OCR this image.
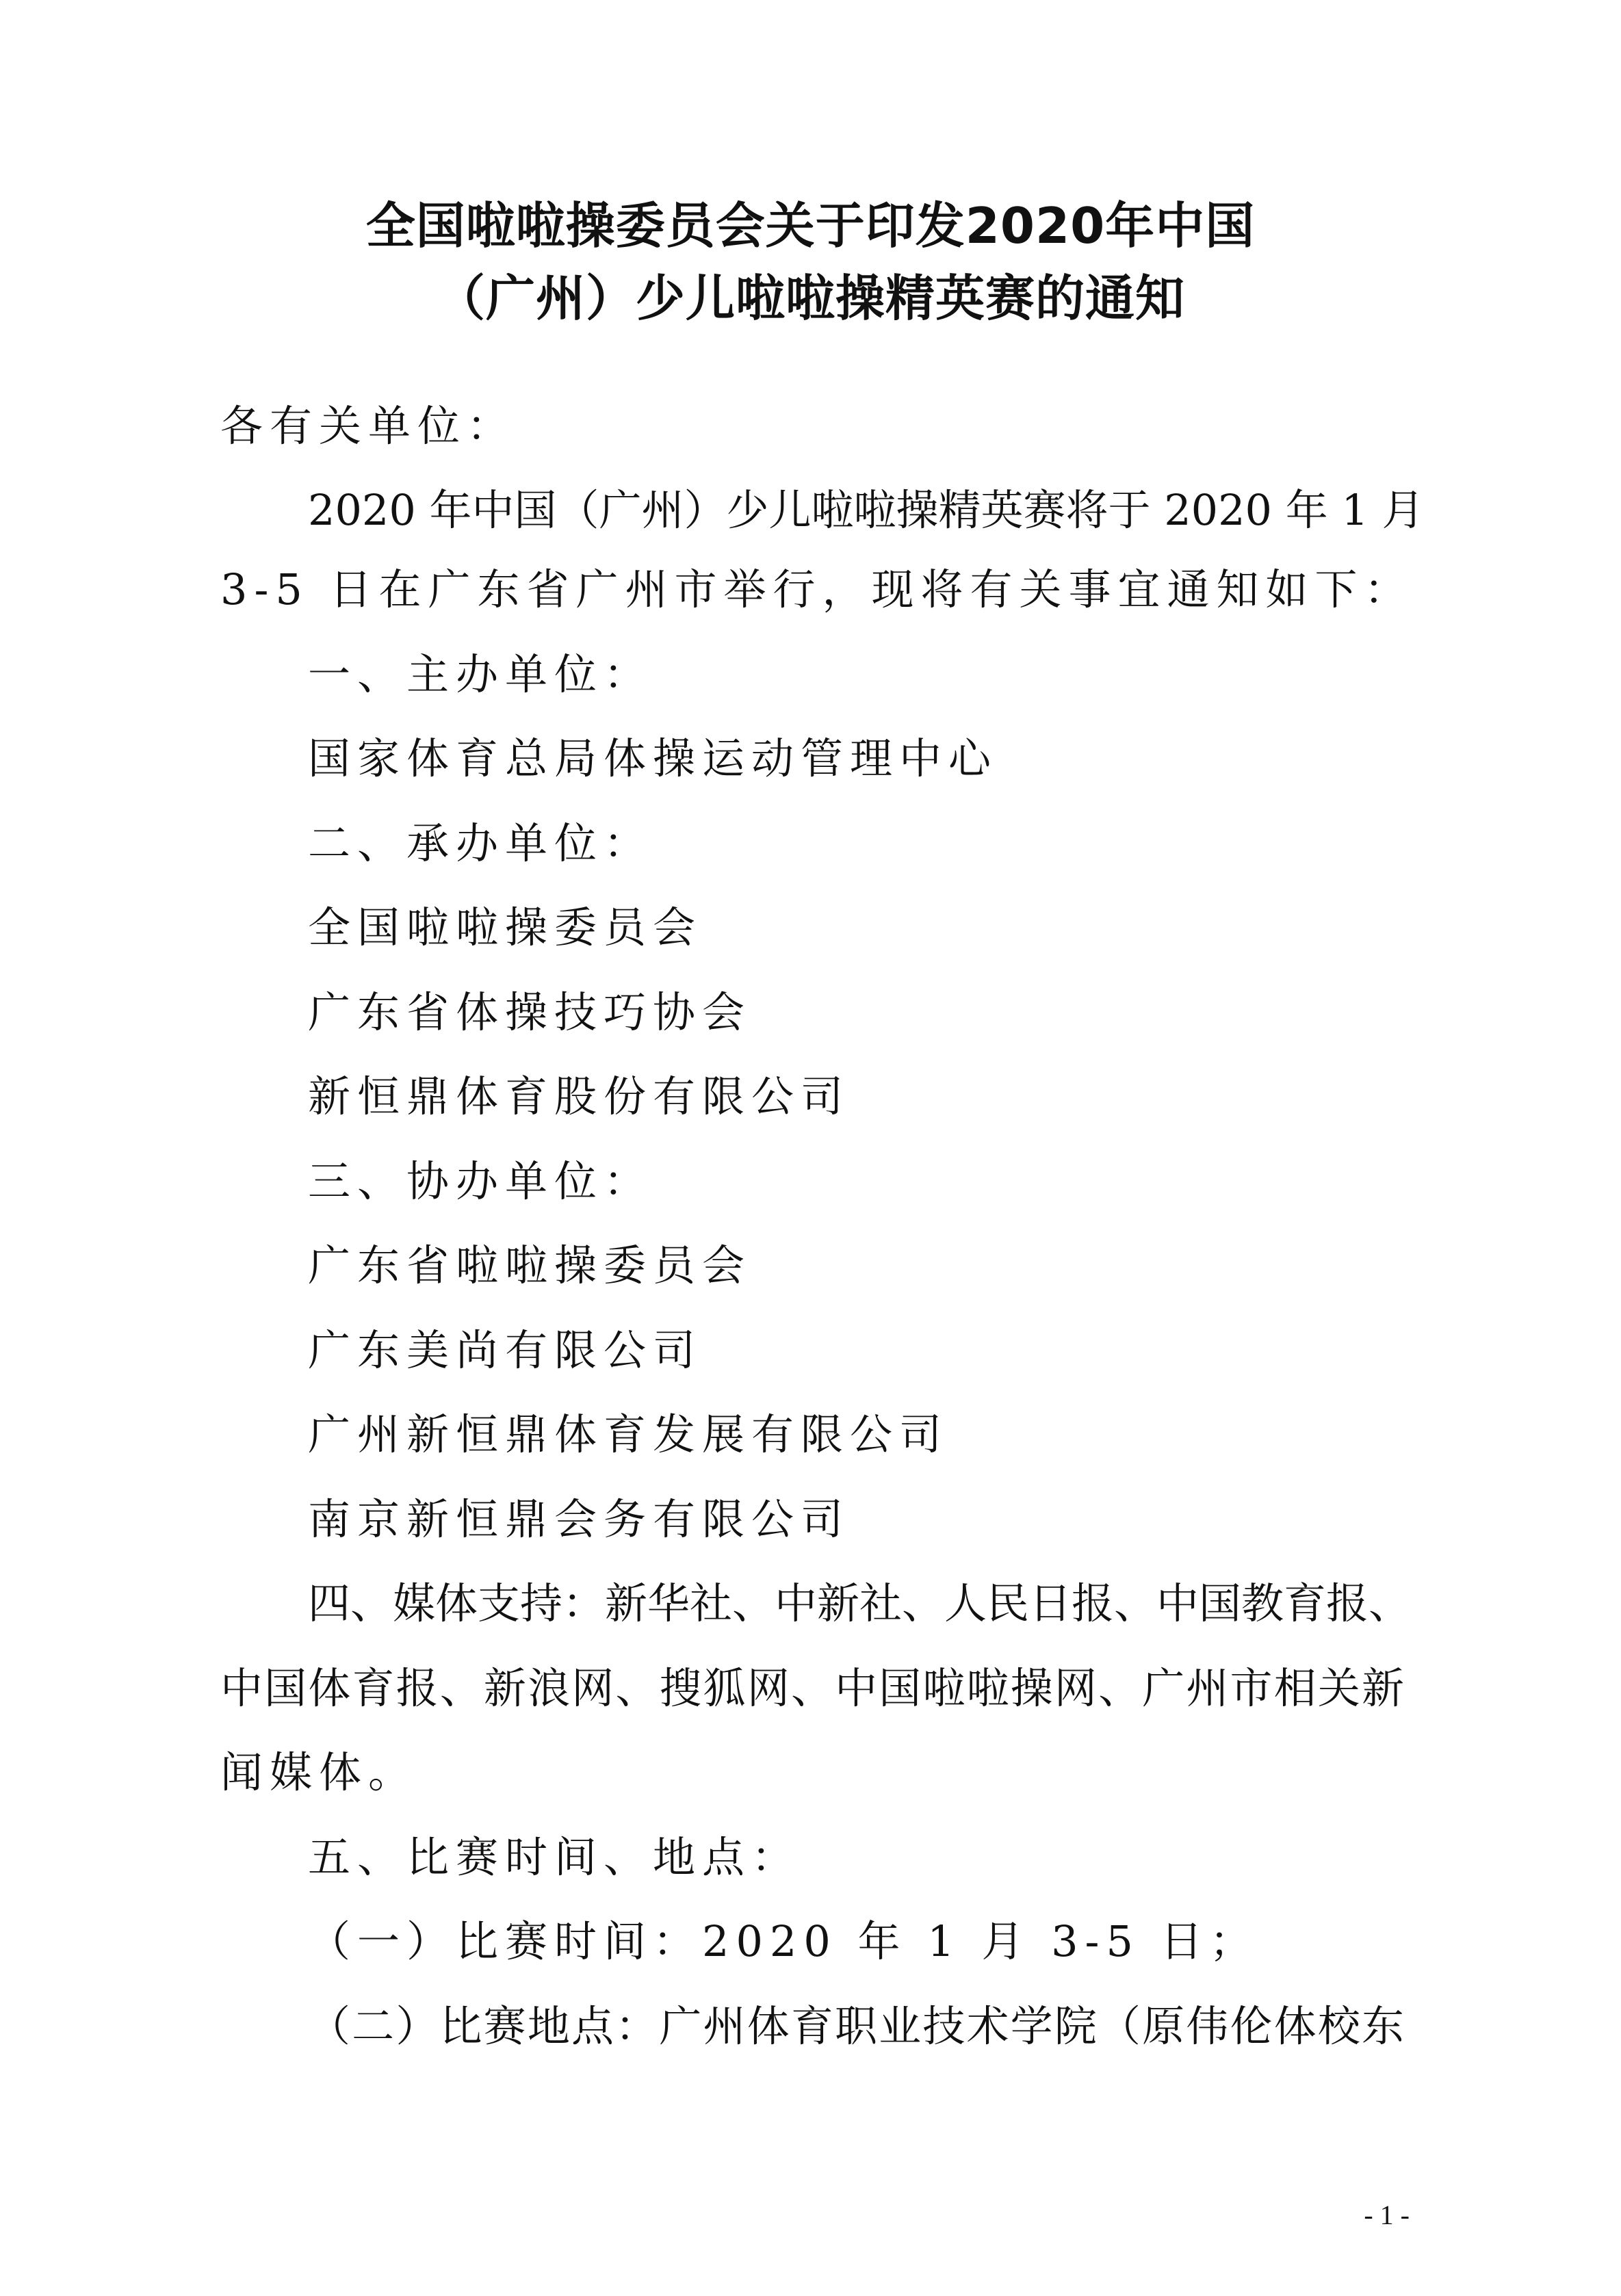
全国啦啦操委员会关于印发2020年中国
（广州）少儿啦啦操精英赛的通知
各有关单位：
2020 年中国（广州）少儿啦啦操精英赛将于 2020 年 1 月
3-5 日在广东省广州市举行，现将有关事宜通知如下：
一、主办单位：
国家体育总局体操运动管理中心
二、承办单位：
全国啦啦操委员会
广东省体操技巧协会
新恒鼎体育股份有限公司
三、协办单位：
广东省啦啦操委员会
广东美尚有限公司
广州新恒鼎体育发展有限公司
南京新恒鼎会务有限公司
四、媒体支持：新华社、中新社、人民日报、中国教育报、
中国体育报、新浪网、搜狐网、中国啦啦操网、广州市相关新
闻媒体。
五、比赛时间、地点：
（一）比赛时间：2020 年 1 月 3-5 日；
（二）比赛地点：广州体育职业技术学院（原伟伦体校东
- 1 -
